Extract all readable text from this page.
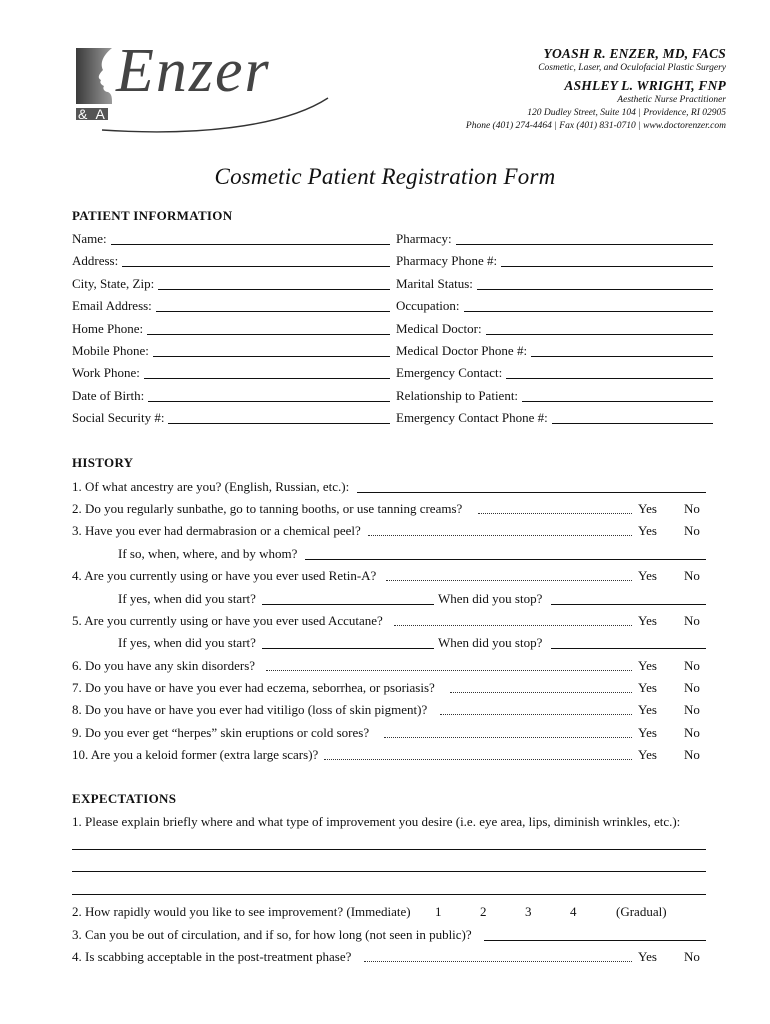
Enzer
& ASSOCIATES,PC
YOASH R. ENZER, MD, FACS
Cosmetic, Laser, and Oculofacial Plastic Surgery
ASHLEY L. WRIGHT, FNP
Aesthetic Nurse Practitioner
120 Dudley Street, Suite 104 | Providence, RI 02905
Phone (401) 274-4464 | Fax (401) 831-0710 | www.doctorenzer.com
Cosmetic Patient Registration Form
PATIENT INFORMATION
Name:
Address:
City, State, Zip:
Email Address:
Home Phone:
Mobile Phone:
Work Phone:
Date of Birth:
Social Security #:
Pharmacy:
Pharmacy Phone #:
Marital Status:
Occupation:
Medical Doctor:
Medical Doctor Phone #:
Emergency Contact:
Relationship to Patient:
Emergency Contact Phone #:
HISTORY
1. Of what ancestry are you? (English, Russian, etc.):
2. Do you regularly sunbathe, go to tanning booths, or use tanning creams?	Yes No
3. Have you ever had dermabrasion or a chemical peel?	Yes No
If so, when, where, and by whom?
4. Are you currently using or have you ever used Retin-A?	Yes No
If yes, when did you start?	When did you stop?
5. Are you currently using or have you ever used Accutane?	Yes No
If yes, when did you start?	When did you stop?
6. Do you have any skin disorders?	Yes No
7. Do you have or have you ever had eczema, seborrhea, or psoriasis?	Yes No
8. Do you have or have you ever had vitiligo (loss of skin pigment)?	Yes No
9. Do you ever get “herpes” skin eruptions or cold sores?	Yes No
10. Are you a keloid former (extra large scars)?	Yes No
EXPECTATIONS
1. Please explain briefly where and what type of improvement you desire (i.e. eye area, lips, diminish wrinkles, etc.):
2. How rapidly would you like to see improvement? (Immediate) 1	2	3	4	(Gradual)
3. Can you be out of circulation, and if so, for how long (not seen in public)?
4. Is scabbing acceptable in the post-treatment phase?	Yes No
